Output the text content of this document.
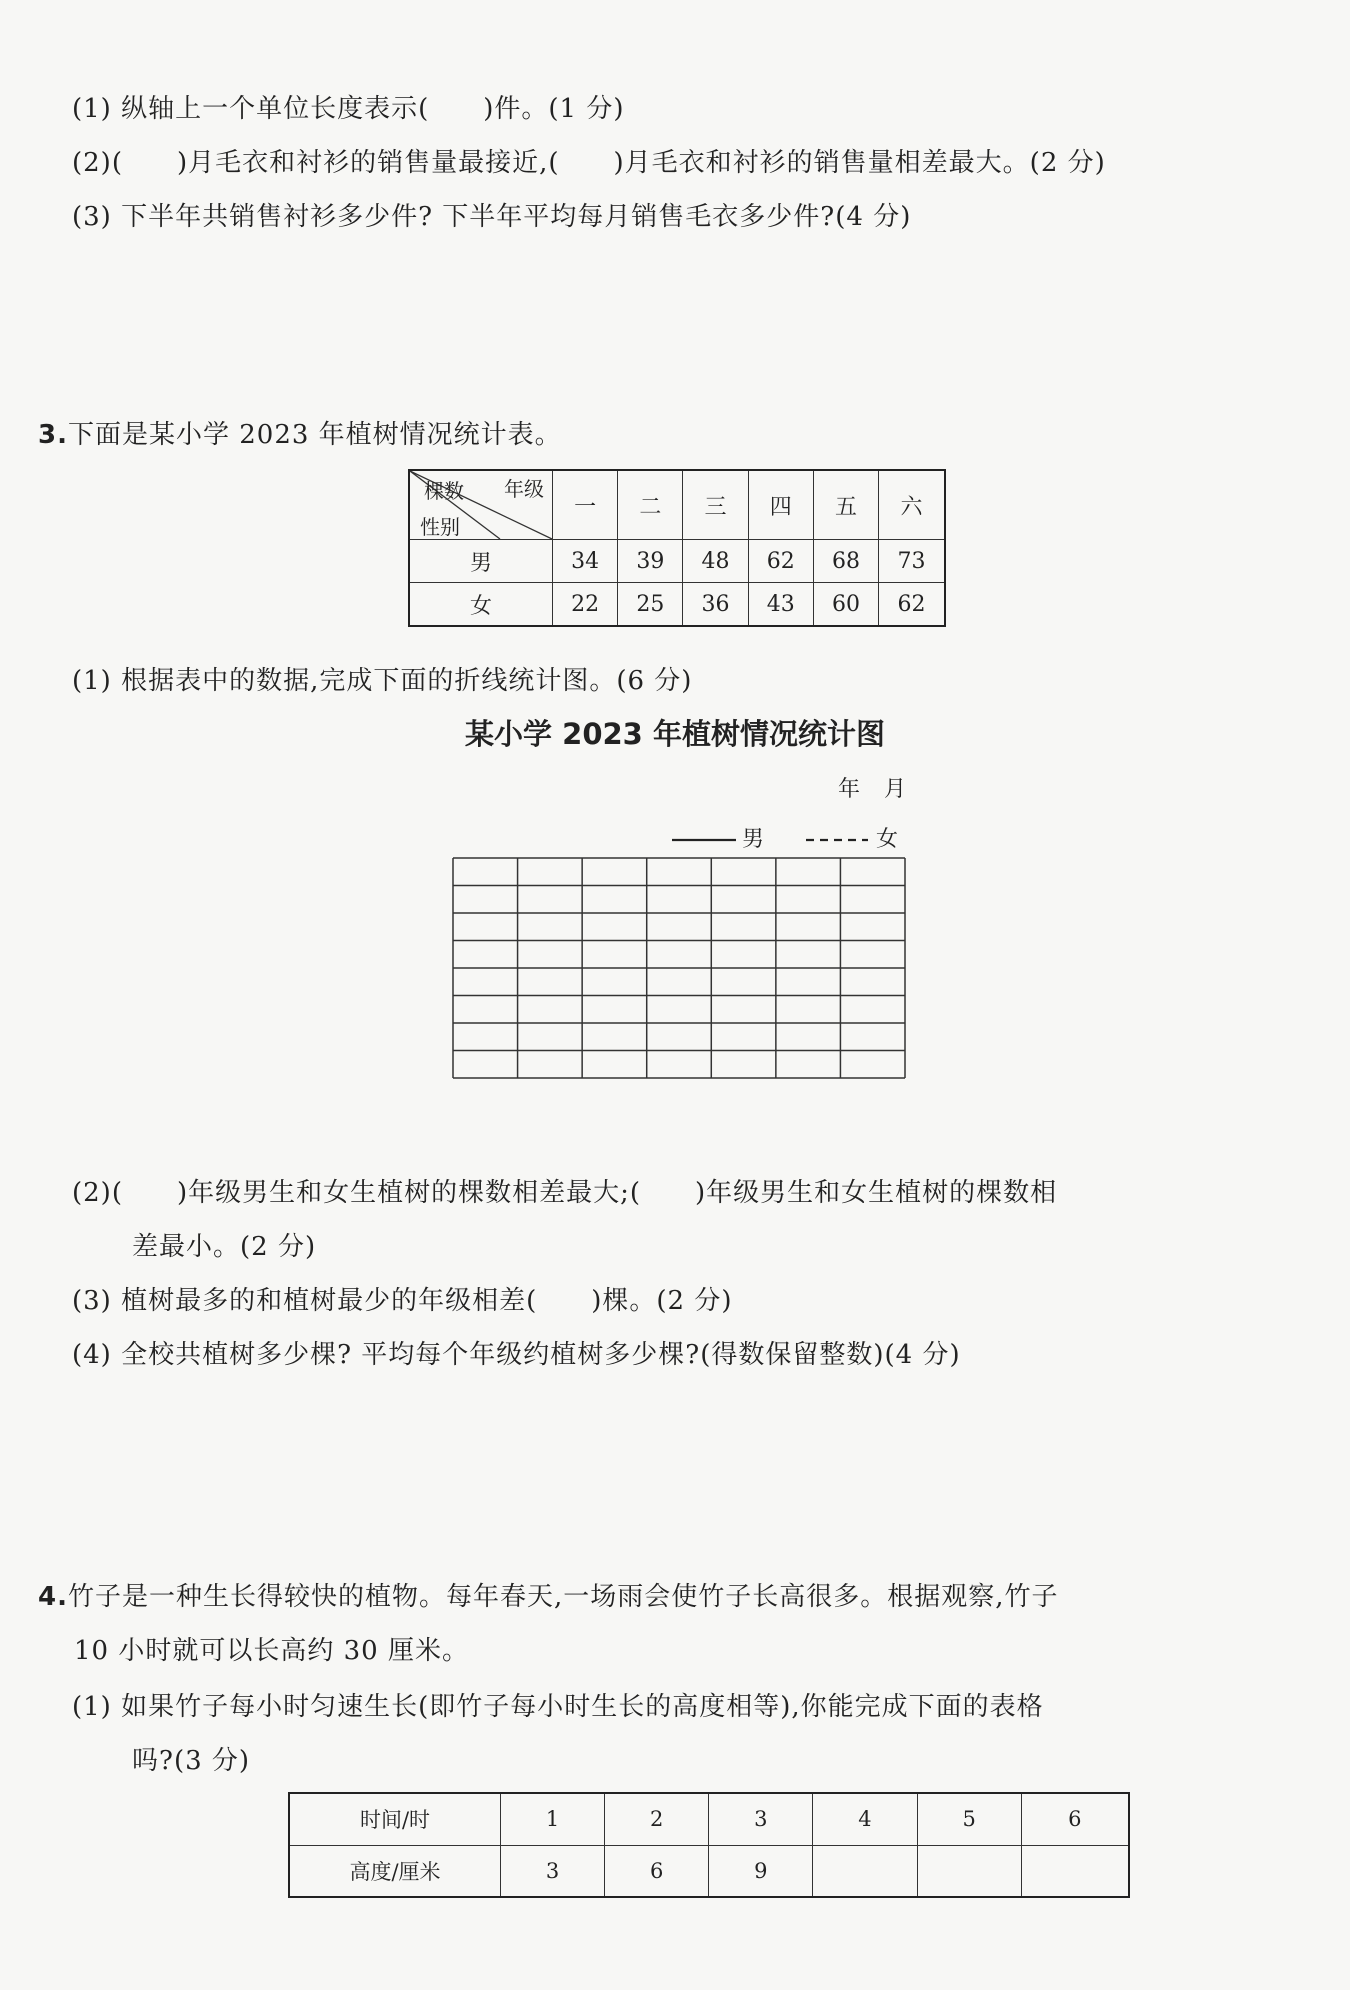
(1) 纵轴上一个单位长度表示(　　)件。(1 分)
(2)(　　)月毛衣和衬衫的销售量最接近,(　　)月毛衣和衬衫的销售量相差最大。(2 分)
(3) 下半年共销售衬衫多少件? 下半年平均每月销售毛衣多少件?(4 分)
3.下面是某小学 2023 年植树情况统计表。
棵数 年级
性别	一	二	三	四	五	六
男	34	39	48	62	68	73
女	22	25	36	43	60	62
(1) 根据表中的数据,完成下面的折线统计图。(6 分)
某小学 2023 年植树情况统计图
年　月
男	女
(2)(　　)年级男生和女生植树的棵数相差最大;(　　)年级男生和女生植树的棵数相
差最小。(2 分)
(3) 植树最多的和植树最少的年级相差(　　)棵。(2 分)
(4) 全校共植树多少棵? 平均每个年级约植树多少棵?(得数保留整数)(4 分)
4.竹子是一种生长得较快的植物。每年春天,一场雨会使竹子长高很多。根据观察,竹子
10 小时就可以长高约 30 厘米。
(1) 如果竹子每小时匀速生长(即竹子每小时生长的高度相等),你能完成下面的表格
吗?(3 分)
时间/时	1	2	3	4	5	6
高度/厘米	3	6	9			
